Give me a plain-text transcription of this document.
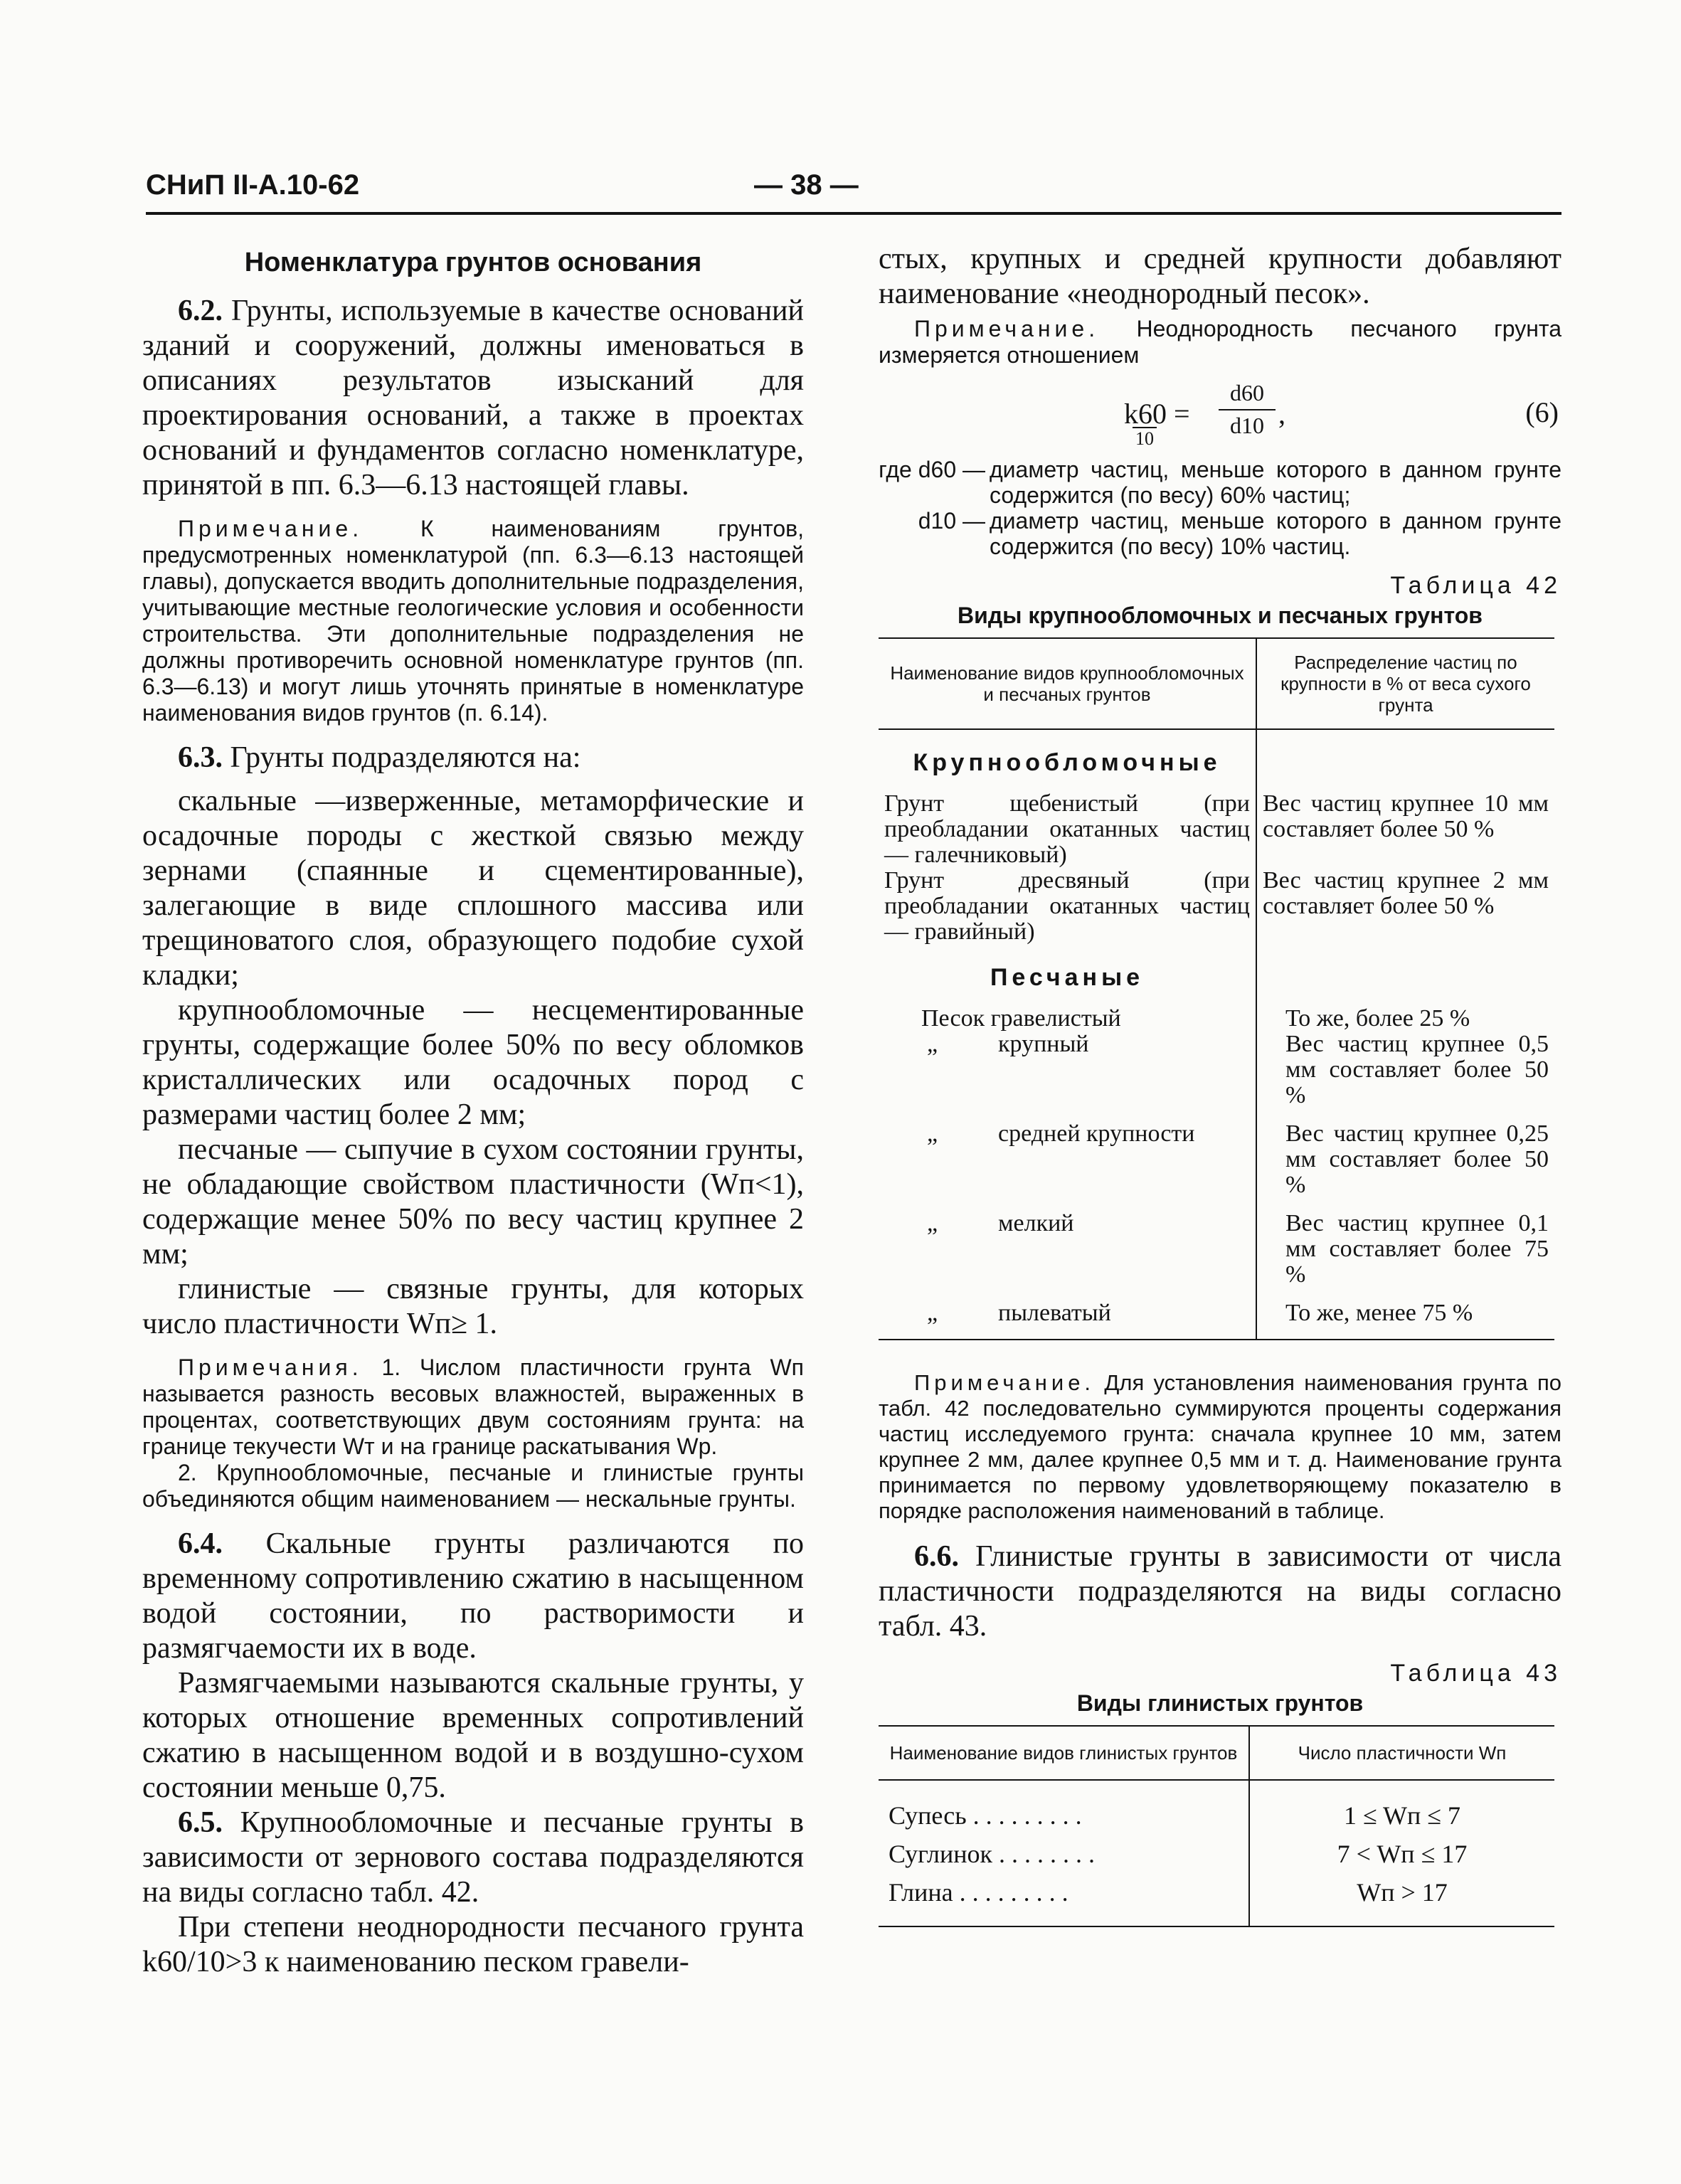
СНиП II-А.10-62	— 38 —
Номенклатура грунтов основания

6.2. Грунты, используемые в качестве оснований зданий и сооружений, должны именоваться в описаниях результатов изысканий для проектирования оснований, а также в проектах оснований и фундаментов согласно номенклатуре, принятой в пп. 6.3—6.13 настоящей главы.

Примечание.	К наименованиям грунтов, предусмотренных номенклатурой (пп. 6.3—6.13 настоящей главы), допускается вводить дополнительные подразделения, учитывающие местные геологические условия и особенности строительства. Эти дополнительные подразделения не должны противоречить основной номенклатуре грунтов (пп. 6.3—6.13) и могут лишь уточнять принятые в номенклатуре наименования видов грунтов (п. 6.14).

6.3. Грунты подразделяются на:

скальные —изверженные, метаморфические и осадочные породы с жесткой связью между зернами (спаянные и сцементированные), залегающие в виде сплошного массива или трещиноватого слоя, образующего подобие сухой кладки;

крупнообломочные — несцементированные грунты, содержащие более 50% по весу обломков кристаллических или осадочных пород с размерами частиц более 2 мм;

песчаные — сыпучие в сухом состоянии грунты, не обладающие свойством пластичности (Wп<1), содержащие менее 50% по весу частиц крупнее 2 мм;

глинистые — связные грунты, для которых число пластичности Wп≥ 1.

Примечания. 1. Числом пластичности грунта Wп называется разность весовых влажностей, выраженных в процентах, соответствующих двум состояниям грунта: на границе текучести Wт и на границе раскатывания Wр.

2. Крупнообломочные, песчаные и глинистые грунты объединяются общим наименованием — нескальные грунты.

6.4. Скальные грунты различаются по временному сопротивлению сжатию в насыщенном водой состоянии, по растворимости и размягчаемости их в воде.

Размягчаемыми называются скальные грунты, у которых отношение временных сопротивлений сжатию в насыщенном водой и в воздушно-сухом состоянии меньше 0,75.

6.5. Крупнообломочные и песчаные грунты в зависимости от зернового состава подразделяются на виды согласно табл. 42.

При степени неоднородности песчаного грунта k60/10>3 к наименованию песком гравели-

стых, крупных и средней крупности добавляют наименование «неоднородный песок».

Примечание. Неоднородность песчаного грунта измеряется отношением

k60 =
10
d60
d10 ,	(6)
где d60 — диаметр частиц, меньше которого в данном грунте содержится (по весу) 60% частиц;
d10 — диаметр частиц, меньше которого в данном грунте содержится (по весу) 10% частиц.
Таблица 42
Виды крупнообломочных и песчаных грунтов
Наименование видов крупнообломочных и песчаных грунтов	Распределение частиц по крупности в % от веса сухого грунта
Крупнообломочные	
Грунт щебенистый (при преобладании окатанных частиц — галечниковый)	Вес частиц крупнее 10 мм составляет более 50 %
Грунт дресвяный (при преобладании окатанных частиц — гравийный)	Вес частиц крупнее 2 мм составляет более 50 %
Песчаные	
Песок гравелистый	То же, более 25 %
„ крупный	Вес частиц крупнее 0,5 мм составляет более 50 %
„ средней крупности	Вес частиц крупнее 0,25 мм составляет более 50 %
„ мелкий	Вес частиц крупнее 0,1 мм составляет более 75 %
„ пылеватый	То же, менее 75 %

Примечание. Для установления наименования грунта по табл. 42 последовательно суммируются проценты содержания частиц исследуемого грунта: сначала крупнее 10 мм, затем крупнее 2 мм, далее крупнее 0,5 мм и т. д. Наименование грунта принимается по первому удовлетворяющему показателю в порядке расположения наименований в таблице.

6.6. Глинистые грунты в зависимости от числа пластичности подразделяются на виды согласно табл. 43.

Таблица 43
Виды глинистых грунтов
Наименование видов глинистых грунтов	Число пластичности Wп

Супесь . . . . . . . . .	1 ≤ Wп ≤ 7
Суглинок . . . . . . . .	7 < Wп ≤ 17
Глина . . . . . . . . .	Wп > 17
